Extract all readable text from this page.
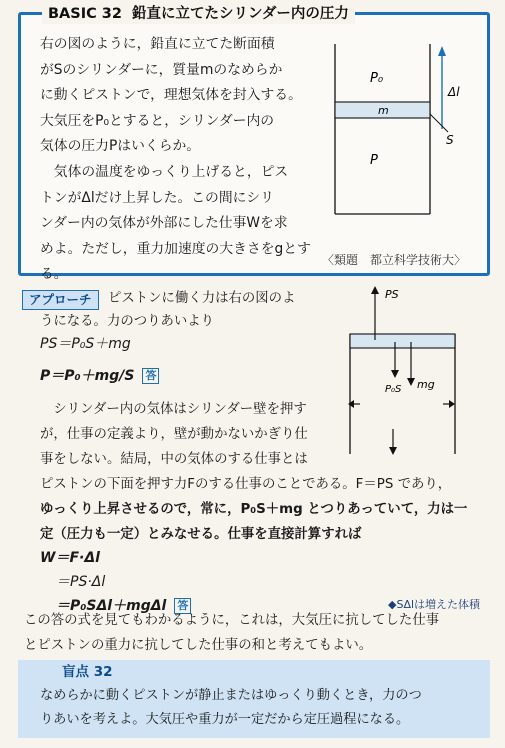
BASIC 32 鉛直に立てたシリンダー内の圧力
右の図のように，鉛直に立てた断面積
がSのシリンダーに，質量mのなめらか
に動くピストンで，理想気体を封入する。
大気圧をP₀とすると，シリンダー内の
気体の圧力Pはいくらか。
　気体の温度をゆっくり上げると，ピス
トンがΔlだけ上昇した。この間にシリ
ンダー内の気体が外部にした仕事Wを求
めよ。ただし，重力加速度の大きさをgとする。
P₀
m
P
Δl
S
〈類題　都立科学技術大〉
アプローチ	ピストンに働く力は右の図のよ
うになる。力のつりあいより
PS＝P₀S＋mg
P＝P₀＋mg/S 答
PS
P₀S mg
　シリンダー内の気体はシリンダー壁を押す
が，仕事の定義より，壁が動かないかぎり仕
事をしない。結局，中の気体のする仕事とは
ピストンの下面を押す力Fのする仕事のことである。F＝PS であり，
ゆっくり上昇させるので，常に，P₀S＋mg とつりあっていて，力は一
定（圧力も一定）とみなせる。仕事を直接計算すれば
W＝F·Δl
＝PS·Δl
＝P₀SΔl＋mgΔl 答	◆SΔlは増えた体積
この答の式を見てもわかるように，これは，大気圧に抗してした仕事
とピストンの重力に抗してした仕事の和と考えてもよい。
盲点 32
なめらかに動くピストンが静止またはゆっくり動くとき，力のつ
りあいを考えよ。大気圧や重力が一定だから定圧過程になる。
